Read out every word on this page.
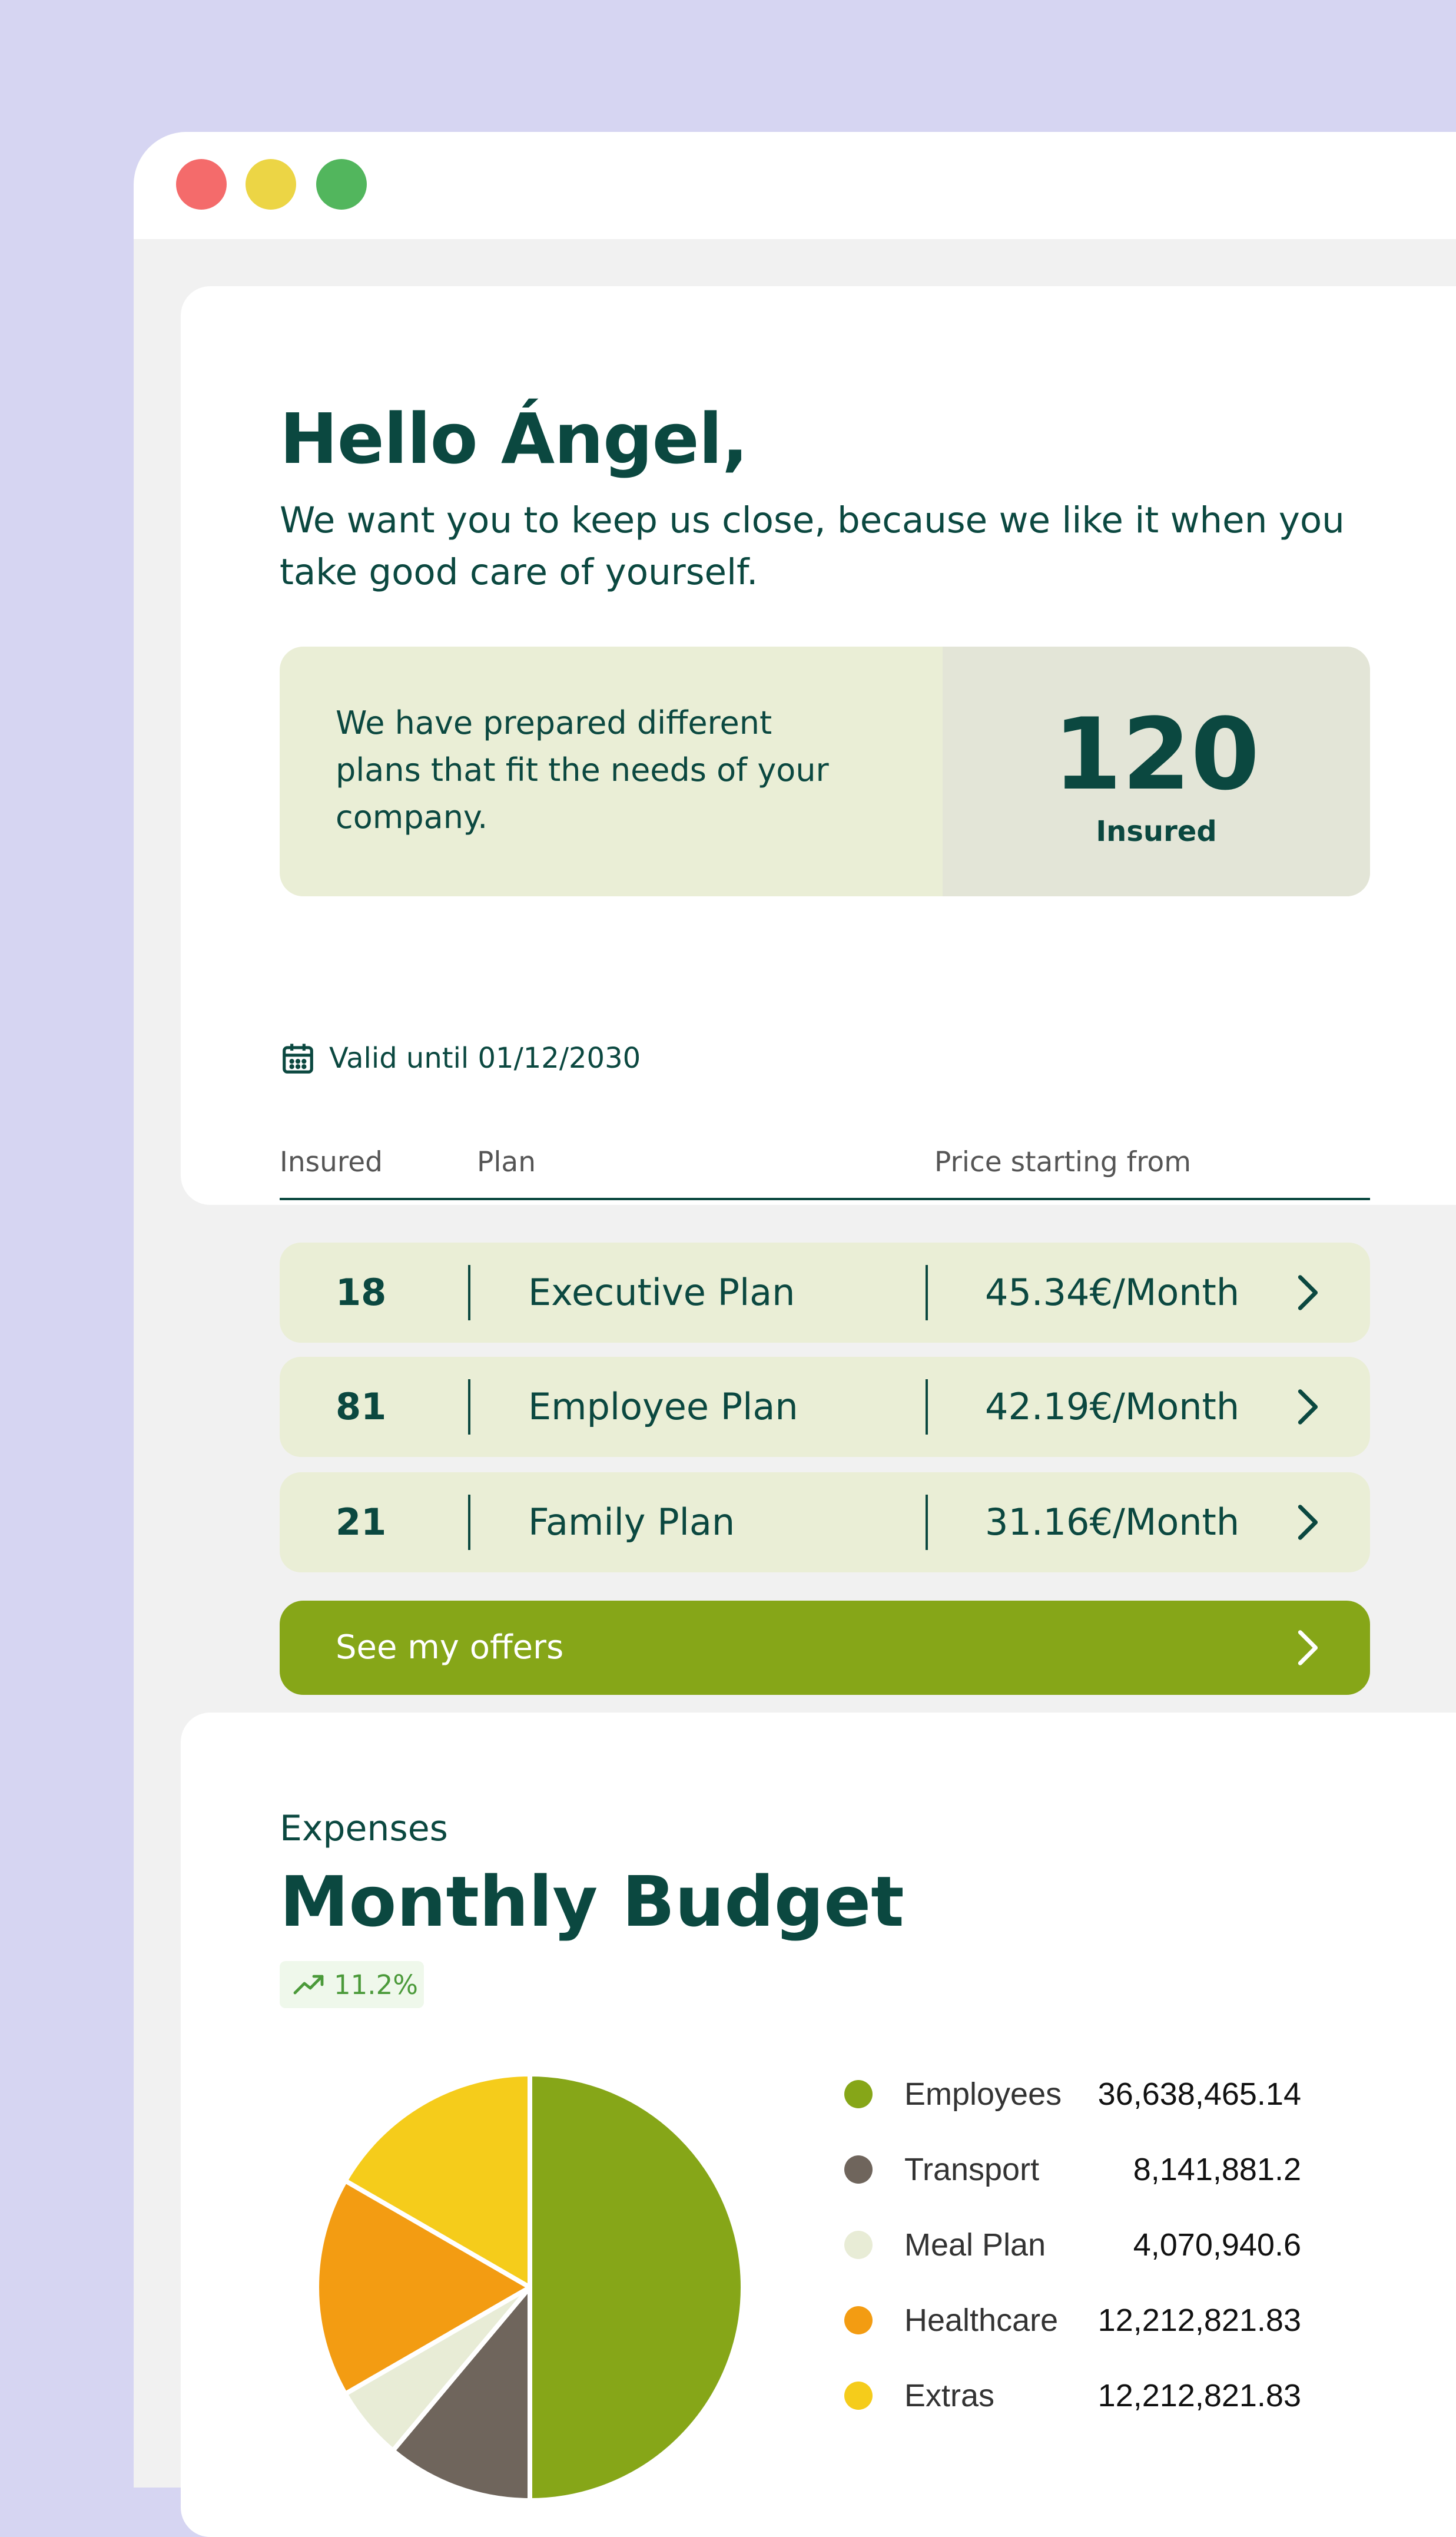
Hello Ángel,
We want you to keep us close, because we like it when you take good care of yourself.
We have prepared different plans that fit the needs of your company.
120
Insured
Valid until 01/12/2030
Insured	Plan	Price starting from
18	Executive Plan	45.34€/Month
81	Employee Plan	42.19€/Month
21	Family Plan	31.16€/Month
See my offers
Expenses
Monthly Budget
11.2%
Employees 36,638,465.14
Transport	8,141,881.2
Meal Plan	4,070,940.6
Healthcare 12,212,821.83
Extras	12,212,821.83
